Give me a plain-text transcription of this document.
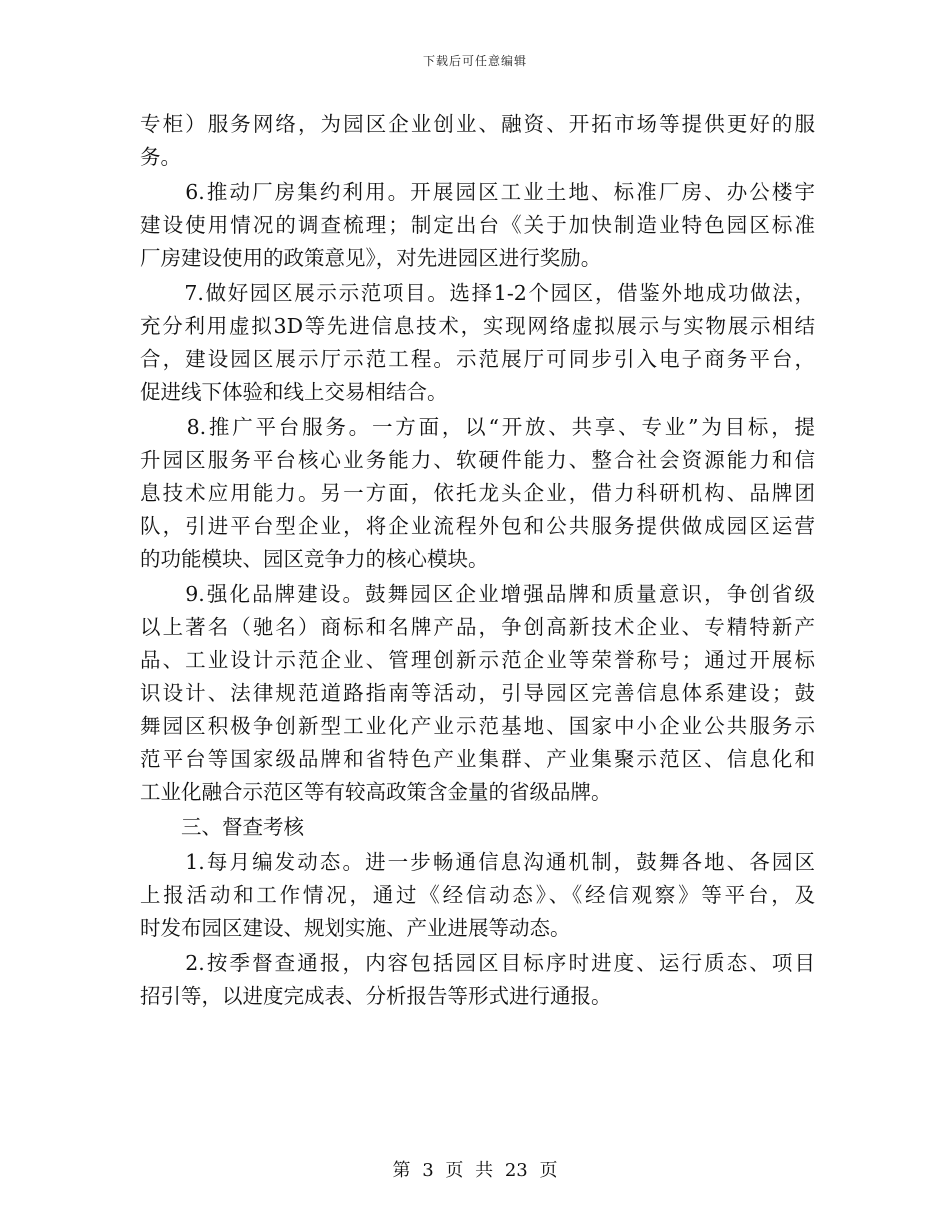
下载后可任意编辑
专柜）服务网络，为园区企业创业、融资、开拓市场等提供更好的服
务。
　　6.推动厂房集约利用。开展园区工业土地、标准厂房、办公楼宇
建设使用情况的调查梳理；制定出台《关于加快制造业特色园区标准
厂房建设使用的政策意见》，对先进园区进行奖励。
　　7.做好园区展示示范项目。选择1-2个园区，借鉴外地成功做法，
充分利用虚拟3D等先进信息技术，实现网络虚拟展示与实物展示相结
合，建设园区展示厅示范工程。示范展厅可同步引入电子商务平台，
促进线下体验和线上交易相结合。
　　8.推广平台服务。一方面，以“开放、共享、专业”为目标，提
升园区服务平台核心业务能力、软硬件能力、整合社会资源能力和信
息技术应用能力。另一方面，依托龙头企业，借力科研机构、品牌团
队，引进平台型企业，将企业流程外包和公共服务提供做成园区运营
的功能模块、园区竞争力的核心模块。
　　9.强化品牌建设。鼓舞园区企业增强品牌和质量意识，争创省级
以上著名（驰名）商标和名牌产品，争创高新技术企业、专精特新产
品、工业设计示范企业、管理创新示范企业等荣誉称号；通过开展标
识设计、法律规范道路指南等活动，引导园区完善信息体系建设；鼓
舞园区积极争创新型工业化产业示范基地、国家中小企业公共服务示
范平台等国家级品牌和省特色产业集群、产业集聚示范区、信息化和
工业化融合示范区等有较高政策含金量的省级品牌。
　　三、督查考核
　　1.每月编发动态。进一步畅通信息沟通机制，鼓舞各地、各园区
上报活动和工作情况，通过《经信动态》、《经信观察》等平台，及
时发布园区建设、规划实施、产业进展等动态。
　　2.按季督查通报，内容包括园区目标序时进度、运行质态、项目
招引等，以进度完成表、分析报告等形式进行通报。
第 3 页 共 23 页
